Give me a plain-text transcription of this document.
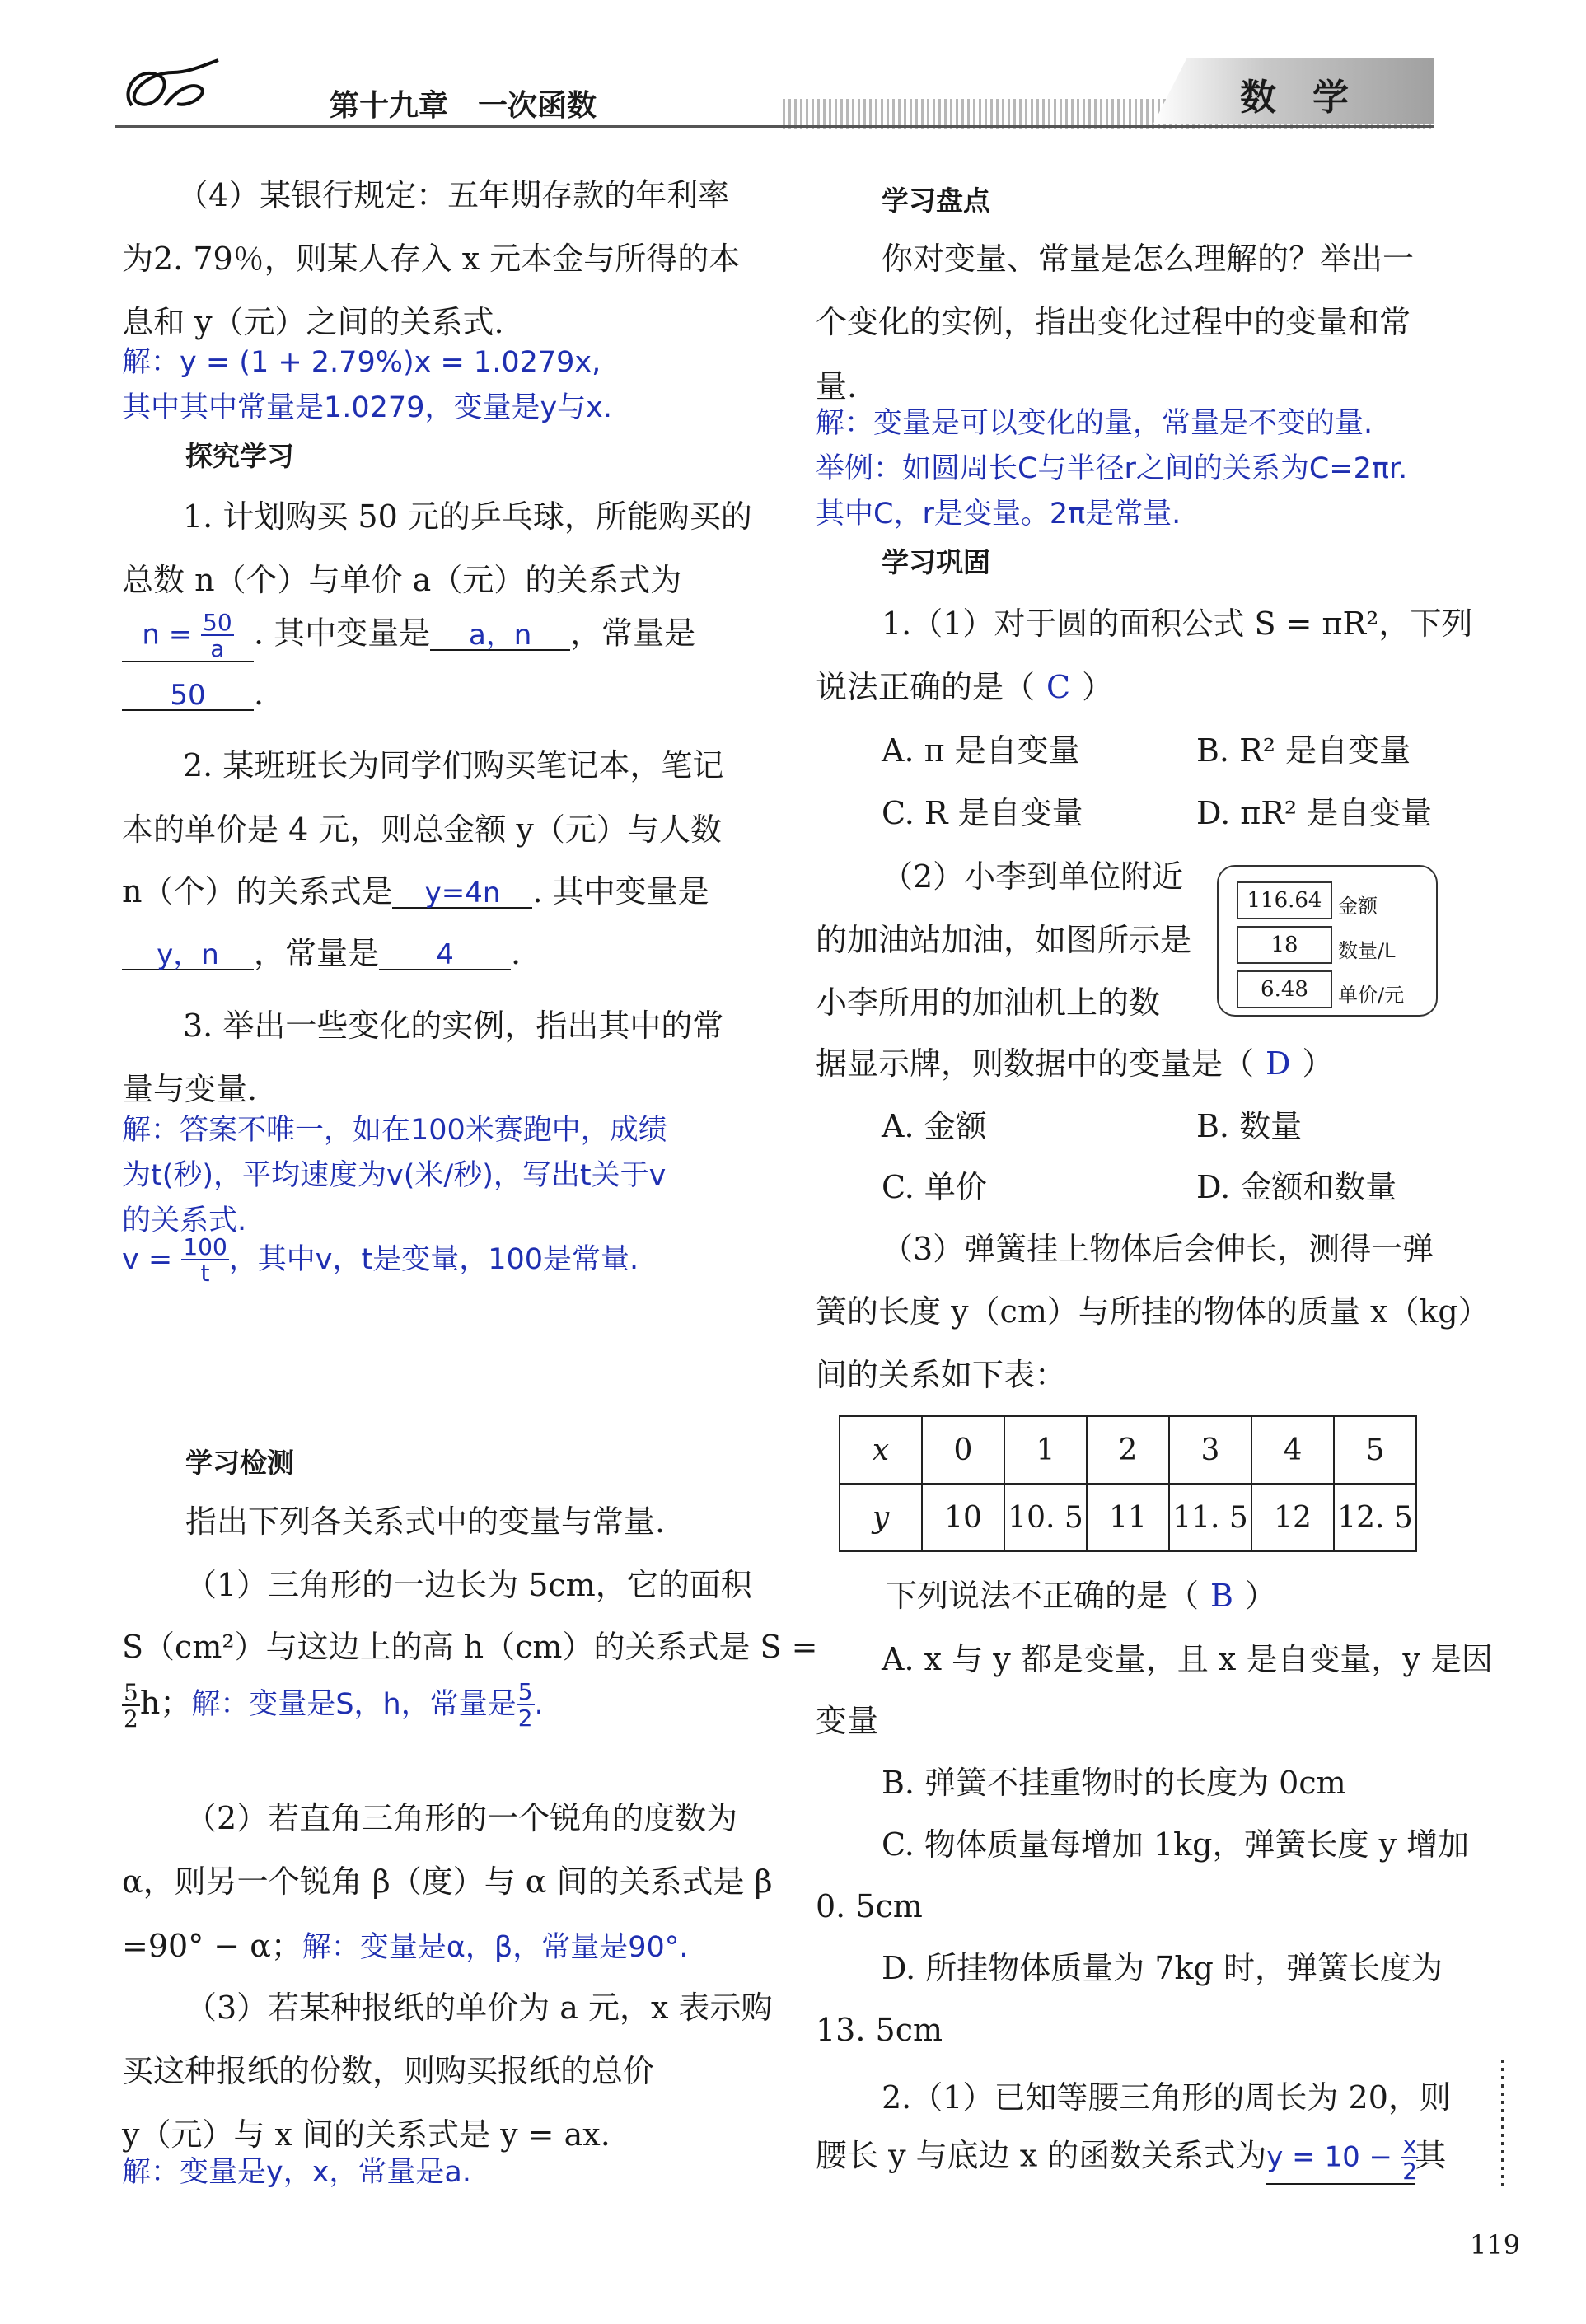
第十九章　一次函数	数　学
（4）某银行规定：五年期存款的年利率
为2. 79％，则某人存入 x 元本金与所得的本
息和 y（元）之间的关系式.
解：y = (1 + 2.79%)x = 1.0279x,
其中其中常量是1.0279，变量是y与x.
探究学习
1. 计划购买 50 元的乒乓球，所能购买的
总数 n（个）与单价 a（元）的关系式为
$n = \frac{50}{a}$ . 其中变量是 a，n ，常量是
50 .
2. 某班班长为同学们购买笔记本，笔记
本的单价是 4 元，则总金额 y（元）与人数
n（个）的关系式是 y=4n . 其中变量是
y，n ，常量是 4 .
3. 举出一些变化的实例，指出其中的常
量与变量.
解：答案不唯一，如在100米赛跑中，成绩
为t(秒)，平均速度为v(米/秒)，写出t关于v
的关系式.
$v = \frac{100}{t}$ ，其中v，t是变量，100是常量.
学习检测
指出下列各关系式中的变量与常量.
（1）三角形的一边长为 5cm，它的面积
S（cm²）与这边上的高 h（cm）的关系式是 S =
$\frac{5}{2}$ h；解：变量是S，h，常量是 $\frac{5}{2}$ .
（2）若直角三角形的一个锐角的度数为
α，则另一个锐角 β（度）与 α 间的关系式是 β
=90° − α；解：变量是α，β，常量是90°.
（3）若某种报纸的单价为 a 元，x 表示购
买这种报纸的份数，则购买报纸的总价
y（元）与 x 间的关系式是 y = ax.
解：变量是y，x，常量是a.
学习盘点
你对变量、常量是怎么理解的？举出一
个变化的实例，指出变化过程中的变量和常
量.
解：变量是可以变化的量，常量是不变的量.
举例：如圆周长C与半径r之间的关系为C=2πr.
其中C，r是变量。2π是常量.
学习巩固
1.（1）对于圆的面积公式 S = πR²，下列
说法正确的是（ C ）
A. π 是自变量	B. R² 是自变量
C. R 是自变量	D. πR² 是自变量
（2）小李到单位附近
的加油站加油，如图所示是
小李所用的加油机上的数
据显示牌，则数据中的变量是（ D ）
116.64 金额
18	数量/L
6.48	单价/元
A. 金额	B. 数量
C. 单价	D. 金额和数量
（3）弹簧挂上物体后会伸长，测得一弹
簧的长度 y（cm）与所挂的物体的质量 x（kg）
间的关系如下表：
x	0	1	2	3	4	5
y	10	10. 5	11	11. 5	12	12. 5
下列说法不正确的是（ B ）
A. x 与 y 都是变量，且 x 是自变量，y 是因
变量
B. 弹簧不挂重物时的长度为 0cm
C. 物体质量每增加 1kg，弹簧长度 y 增加
0. 5cm
D. 所挂物体质量为 7kg 时，弹簧长度为
13. 5cm
2.（1）已知等腰三角形的周长为 20，则
腰长 y 与底边 x 的函数关系式为$y = 10 - \frac{x}{2}$
其
119
